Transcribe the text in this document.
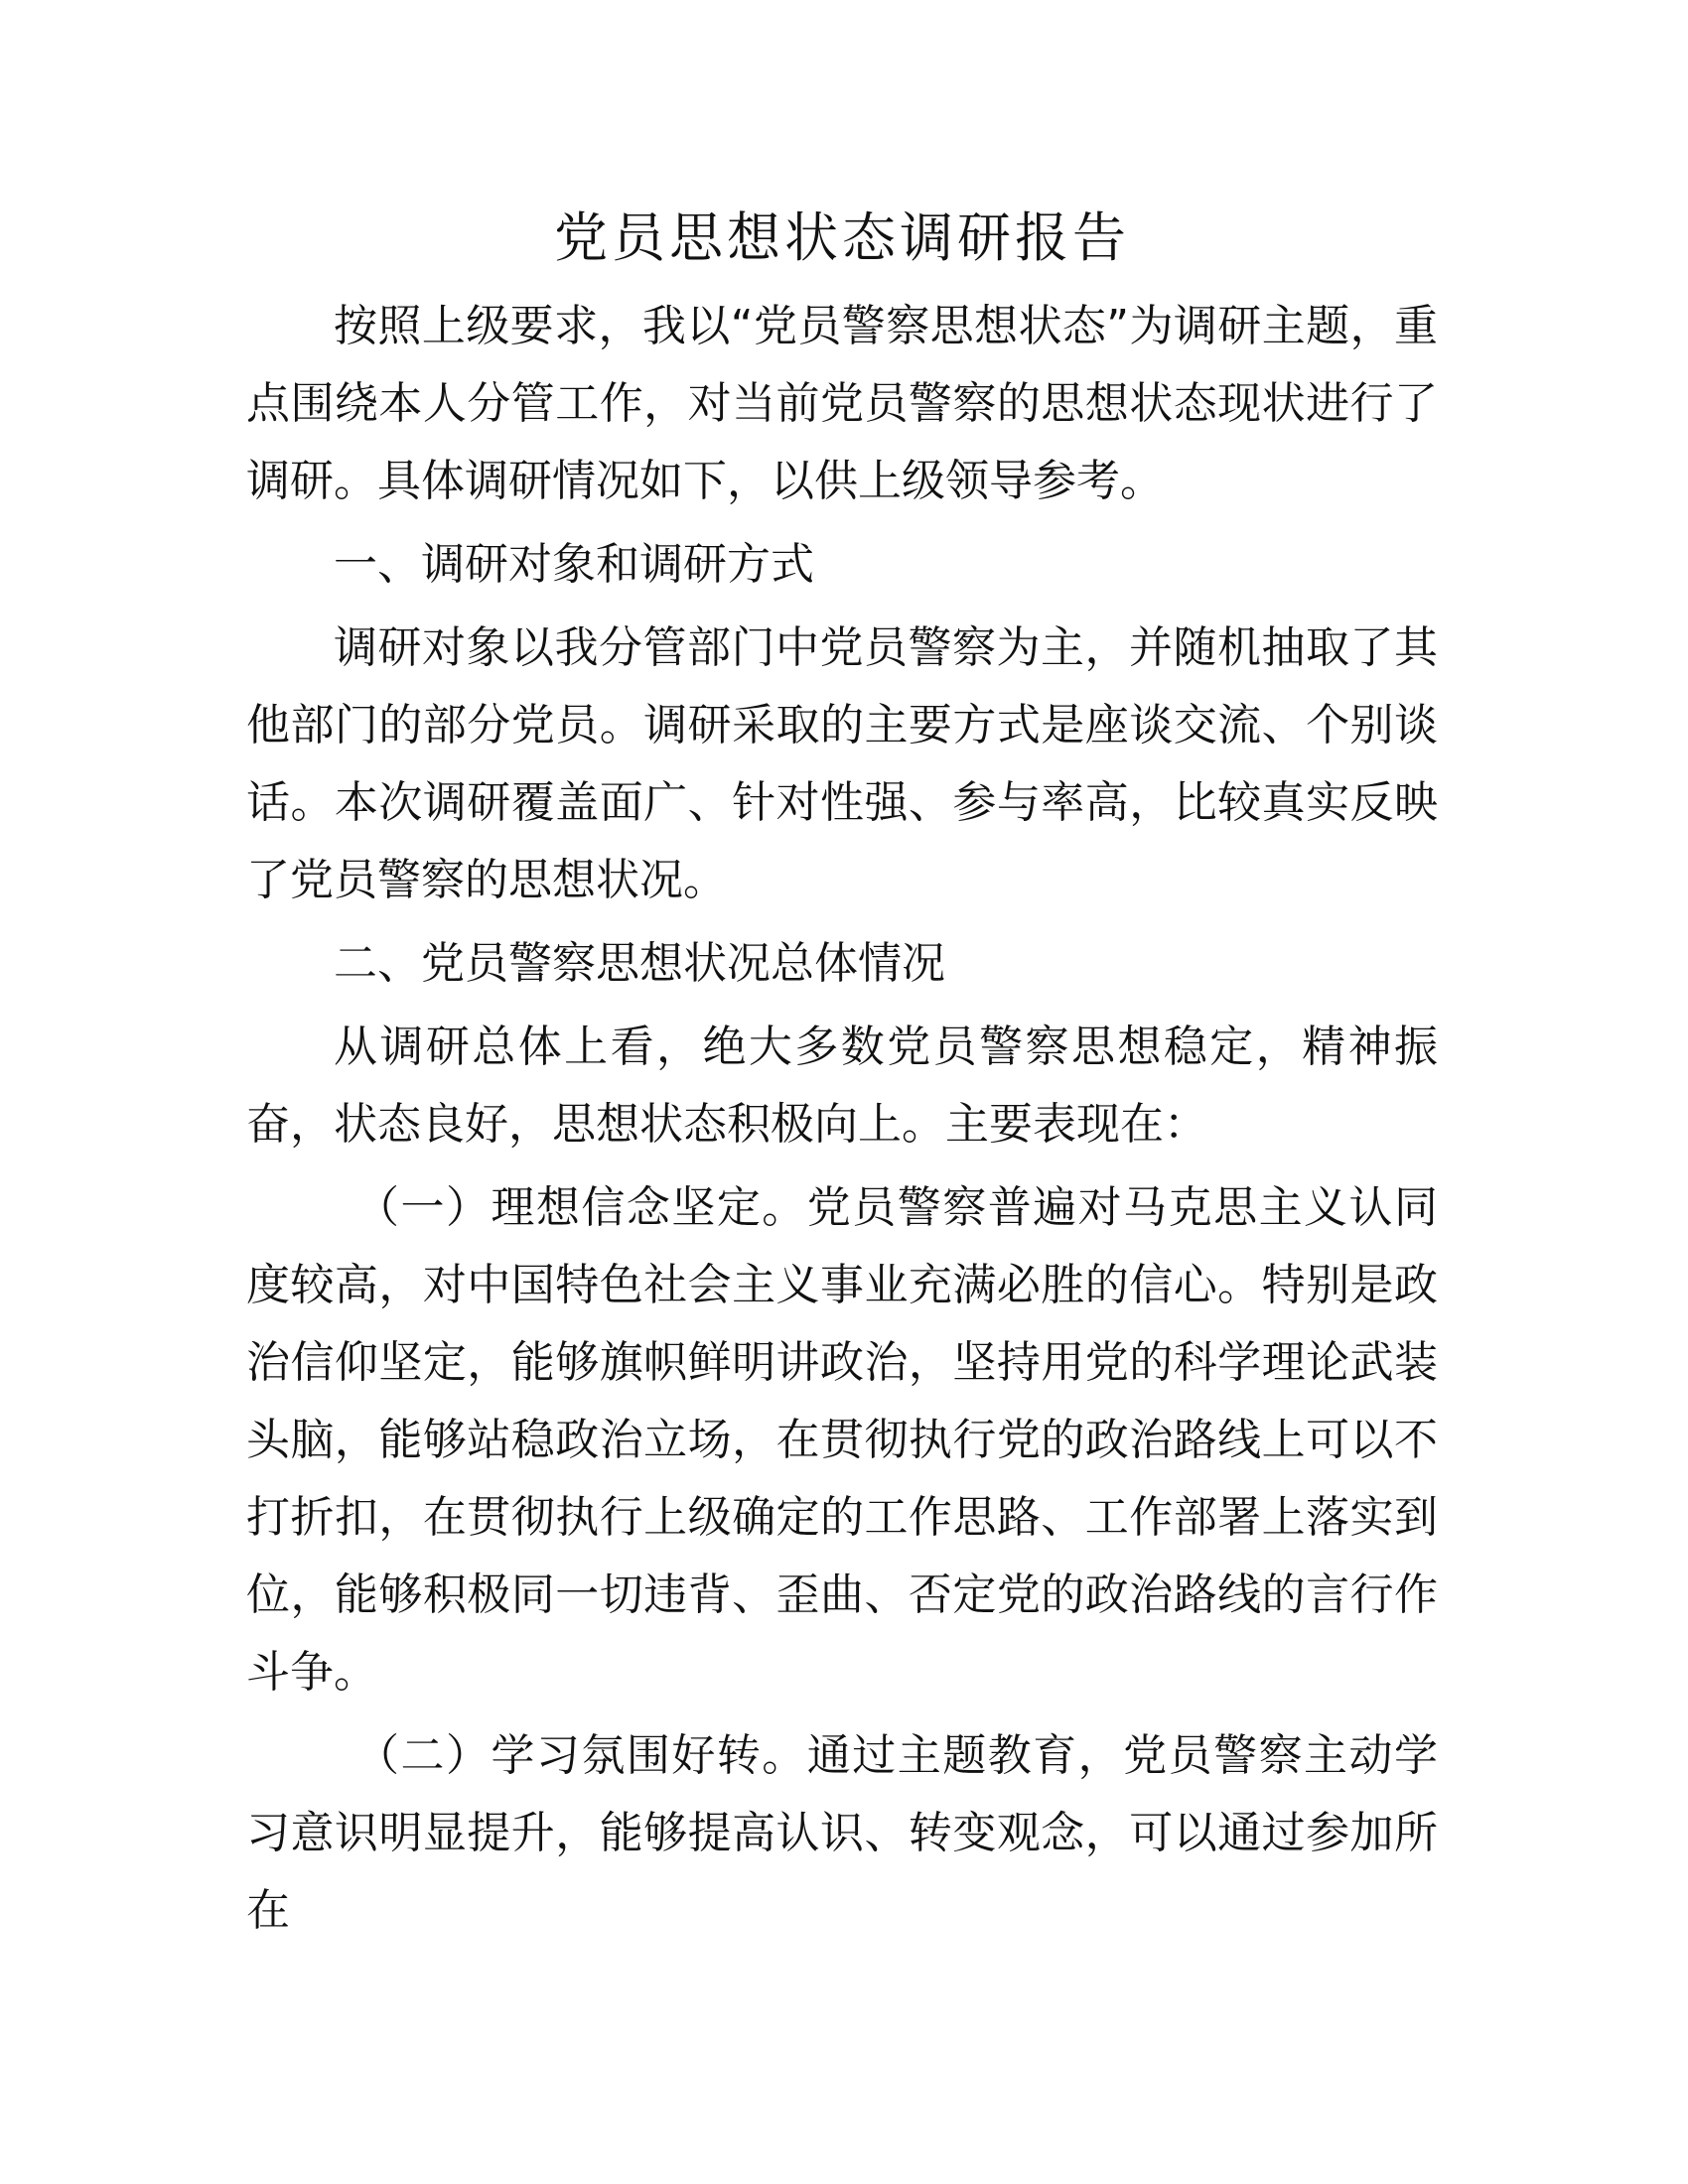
党员思想状态调研报告

按照上级要求，我以“党员警察思想状态”为调研主题，重点围绕本人分管工作，对当前党员警察的思想状态现状进行了调研。具体调研情况如下，以供上级领导参考。

一、调研对象和调研方式

调研对象以我分管部门中党员警察为主，并随机抽取了其他部门的部分党员。调研采取的主要方式是座谈交流、个别谈话。本次调研覆盖面广、针对性强、参与率高，比较真实反映了党员警察的思想状况。

二、党员警察思想状况总体情况

从调研总体上看，绝大多数党员警察思想稳定，精神振奋，状态良好，思想状态积极向上。主要表现在：

（一）理想信念坚定。党员警察普遍对马克思主义认同度较高，对中国特色社会主义事业充满必胜的信心。特别是政治信仰坚定，能够旗帜鲜明讲政治，坚持用党的科学理论武装头脑，能够站稳政治立场，在贯彻执行党的政治路线上可以不打折扣，在贯彻执行上级确定的工作思路、工作部署上落实到位，能够积极同一切违背、歪曲、否定党的政治路线的言行作斗争。

（二）学习氛围好转。通过主题教育，党员警察主动学习意识明显提升，能够提高认识、转变观念，可以通过参加所在
